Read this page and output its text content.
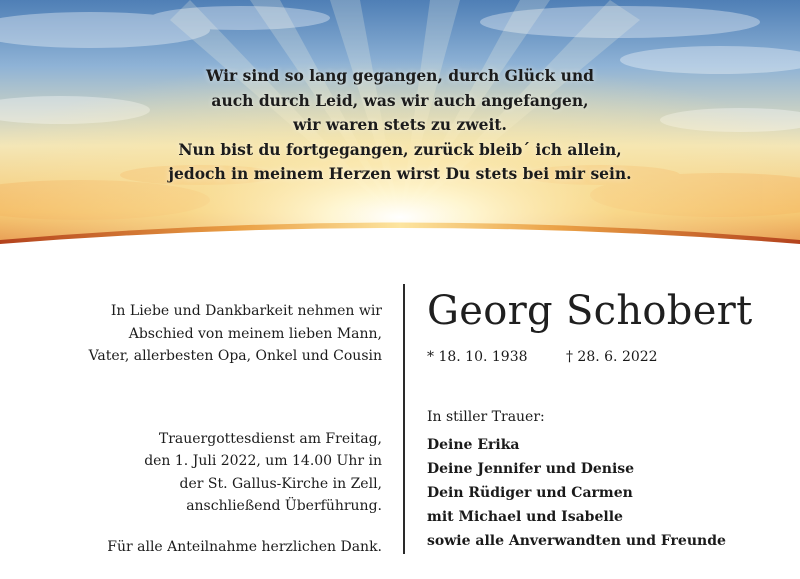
Wir sind so lang gegangen, durch Glück und
auch durch Leid, was wir auch angefangen,
wir waren stets zu zweit.
Nun bist du fortgegangen, zurück bleib´ ich allein,
jedoch in meinem Herzen wirst Du stets bei mir sein.
In Liebe und Dankbarkeit nehmen wir
Abschied von meinem lieben Mann,
Vater, allerbesten Opa, Onkel und Cousin
Trauergottesdienst am Freitag,
den 1. Juli 2022, um 14.00 Uhr in
der St. Gallus-Kirche in Zell,
anschließend Überführung.
Für alle Anteilnahme herzlichen Dank.
Georg Schobert
* 18. 10. 1938	† 28. 6. 2022
In stiller Trauer:
Deine Erika
Deine Jennifer und Denise
Dein Rüdiger und Carmen
mit Michael und Isabelle
sowie alle Anverwandten und Freunde
